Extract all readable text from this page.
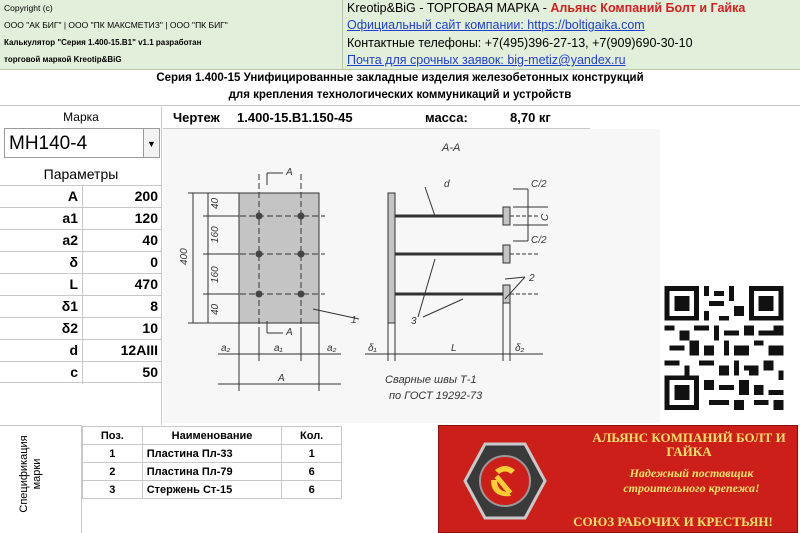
Copyright (c)
ООО "АК БИГ" | ООО "ПК МАКСМЕТИЗ" | ООО "ПК БИГ"
Калькулятор "Серия 1.400-15.В1" v1.1 разработан
торговой маркой Kreotip&BiG
Kreotip&BiG - ТОРГОВАЯ МАРКА - Альянс Компаний Болт и Гайка
Официальный сайт компании: https://boltigaika.com
Контактные телефоны: +7(495)396-27-13, +7(909)690-30-10
Почта для срочных заявок: big-metiz@yandex.ru
Серия 1.400-15 Унифицированные закладные изделия железобетонных конструкций
для крепления технологических коммуникаций и устройств
Марка
МН140-4	▼
Параметры
A	200
a1	120
a2	40
δ	0
L	470
δ1	8
δ2	10
d	12AIII
c	50
Чертеж 1.400-15.В1.150-45	масса:	8,70 кг
А-А
400
40
160
160
40
A
A
d	C/2
C/2
C
1
2
3
a₂	a₁	a₂
A
δ₁	L	δ₂
Сварные швы Т-1
по ГОСТ 19292-73
Спецификация марки
Поз.	Наименование	Кол.
1	Пластина Пл-33	1
2	Пластина Пл-79	6
3	Стержень Ст-15	6
АЛЬЯНС КОМПАНИЙ БОЛТ И ГАЙКА
Надежный поставщик строительного крепежа!
СОЮЗ РАБОЧИХ И КРЕСТЬЯН!
